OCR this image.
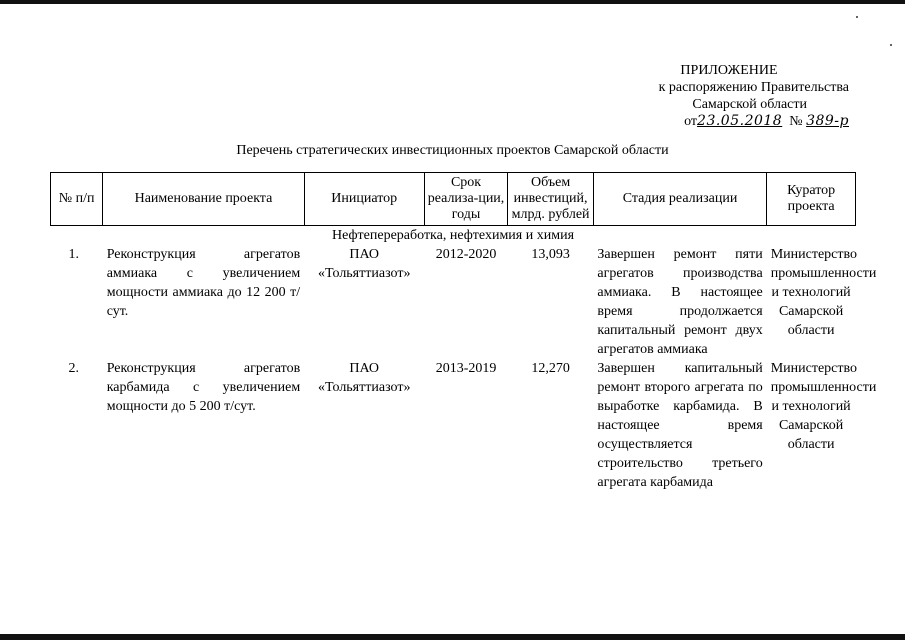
ПРИЛОЖЕНИЕ
к распоряжению Правительства
Самарской области
от23.05.2018 № 389-р
Перечень стратегических инвестиционных проектов Самарской области
№ п/п	Наименование проекта	Инициатор	Срок реализа-ции, годы	Объем инвестиций, млрд. рублей	Стадия реализации	Куратор проекта
Нефтепереработка, нефтехимия и химия						
1.	Реконструкция агрегатов аммиака с увеличением мощности аммиака до 12 200 т/сут.	ПАО «Тольяттиазот»	2012-2020	13,093	Завершен ремонт пяти агрегатов производства аммиака. В настоящее время продолжается капитальный ремонт двух агрегатов аммиака	Министерство промышленности и технологий Самарской области
2.	Реконструкция агрегатов карбамида с увеличением мощности до 5 200 т/сут.	ПАО «Тольяттиазот»	2013-2019	12,270	Завершен капитальный ремонт второго агрегата по выработке карбамида. В настоящее время осуществляется строительство третьего агрегата карбамида	Министерство промышленности и технологий Самарской области
